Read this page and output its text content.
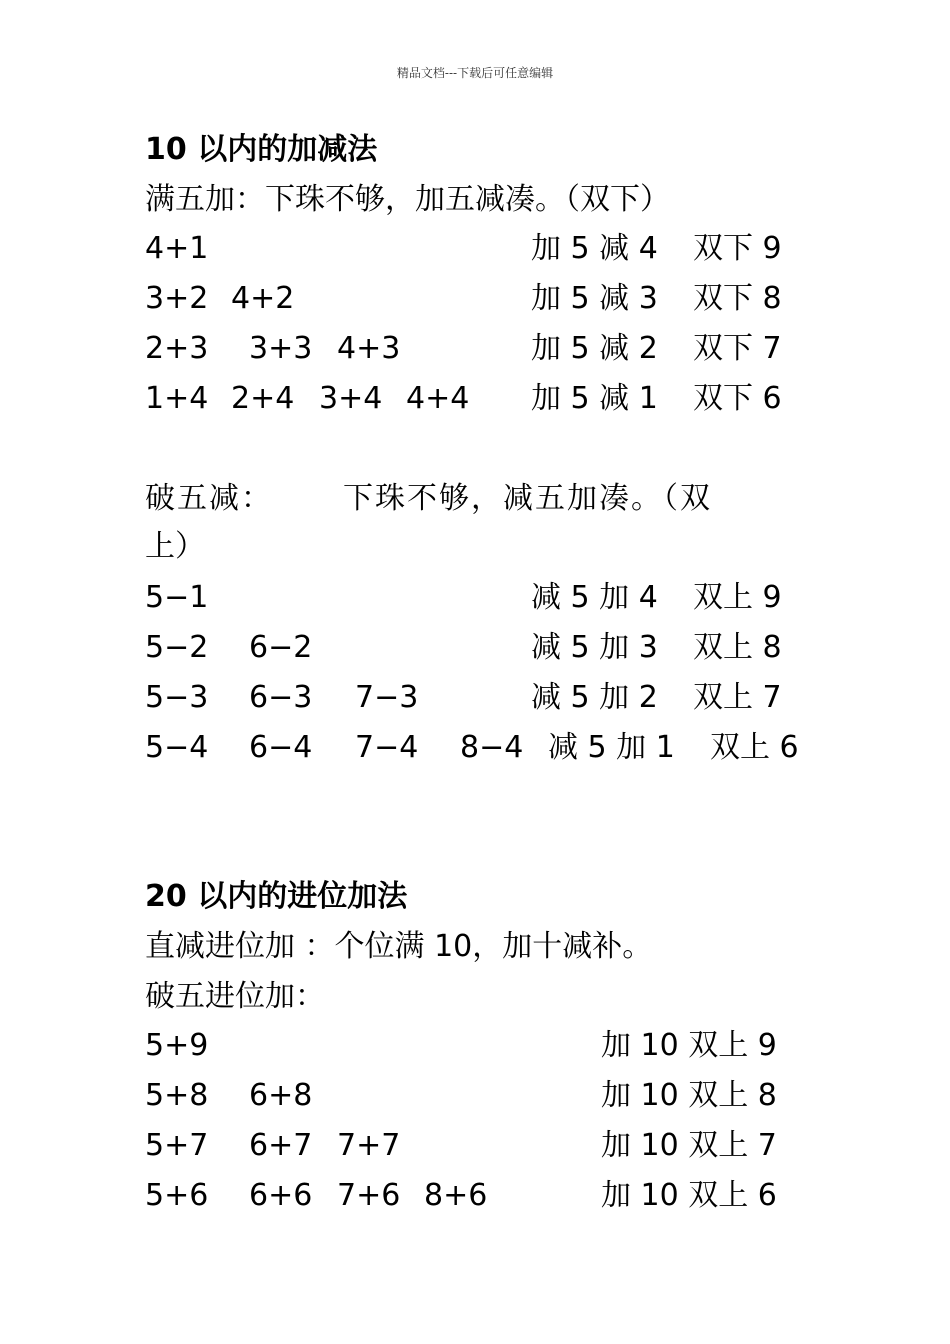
精品文档---下载后可任意编辑
10 以内的加减法
满五加：下珠不够，加五减凑。（双下）
4+1	加 5 减 4 双下 9
3+2 4+2	加 5 减 3 双下 8
2+3 3+3 4+3	加 5 减 2 双下 7
1+4 2+4 3+4 4+4 加 5 减 1 双下 6
破五减： 下珠不够，减五加凑。（双
上）
5−1	减 5 加 4 双上 9
5−2 6−2	减 5 加 3 双上 8
5−3 6−3 7−3	减 5 加 2 双上 7
5−4 6−4 7−4 8−4 减 5 加 1 双上 6
20 以内的进位加法
直减进位加 ：个位满 10，加十减补。
破五进位加：
5+9	加 10 双上 9
5+8 6+8	加 10 双上 8
5+7 6+7 7+7	加 10 双上 7
5+6 6+6 7+6 8+6	加 10 双上 6
